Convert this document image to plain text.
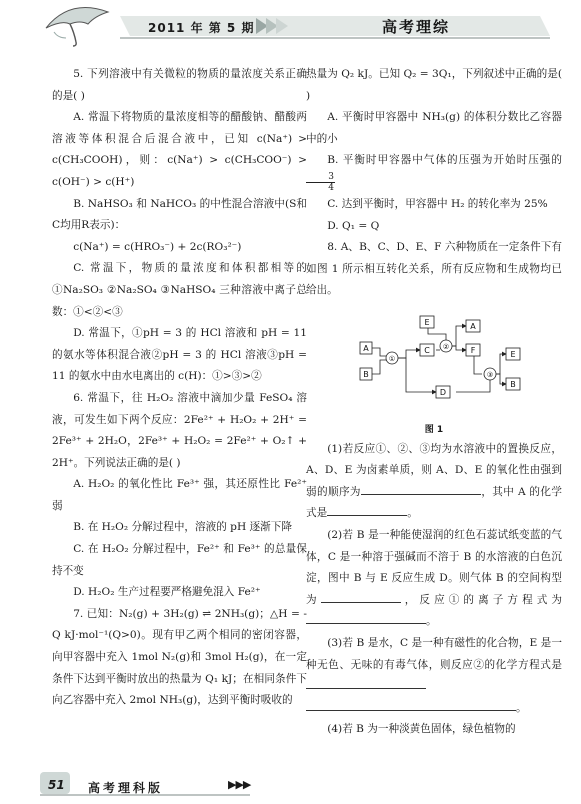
2011 年 第 5 期	高考理综

5. 下列溶液中有关微粒的物质的量浓度关系正确的是( )

A. 常温下将物质的量浓度相等的醋酸钠、醋酸两溶液等体积混合后混合液中，已知 c(Na⁺) > c(CH₃COOH)，则：c(Na⁺) > c(CH₃COO⁻) > c(OH⁻) > c(H⁺)

B. NaHSO₃ 和 NaHCO₃ 的中性混合溶液中(S和C均用R表示)：

c(Na⁺) = c(HRO₃⁻) + 2c(RO₃²⁻)

C. 常温下，物质的量浓度和体积都相等的①Na₂SO₃ ②Na₂SO₄ ③NaHSO₄ 三种溶液中离子总数：①<②<③

D. 常温下，①pH = 3 的 HCl 溶液和 pH = 11 的氨水等体积混合液②pH = 3 的 HCl 溶液③pH = 11 的氨水中由水电离出的 c(H)：①>③>②

6. 常温下，往 H₂O₂ 溶液中滴加少量 FeSO₄ 溶液，可发生如下两个反应：2Fe²⁺ + H₂O₂ + 2H⁺ = 2Fe³⁺ + 2H₂O，2Fe³⁺ + H₂O₂ = 2Fe²⁺ + O₂↑ + 2H⁺。下列说法正确的是( )

A. H₂O₂ 的氧化性比 Fe³⁺ 强，其还原性比 Fe²⁺ 弱

B. 在 H₂O₂ 分解过程中，溶液的 pH 逐渐下降

C. 在 H₂O₂ 分解过程中，Fe²⁺ 和 Fe³⁺ 的总量保持不变

D. H₂O₂ 生产过程要严格避免混入 Fe²⁺

7. 已知：N₂(g) + 3H₂(g) ⇌ 2NH₃(g)；△H = -Q kJ·mol⁻¹(Q>0)。现有甲乙两个相同的密闭容器，向甲容器中充入 1mol N₂(g)和 3mol H₂(g)，在一定条件下达到平衡时放出的热量为 Q₁ kJ；在相同条件下向乙容器中充入 2mol NH₃(g)，达到平衡时吸收的

热量为 Q₂ kJ。已知 Q₂ = 3Q₁，下列叙述中正确的是( )

A. 平衡时甲容器中 NH₃(g) 的体积分数比乙容器中的小

B. 平衡时甲容器中气体的压强为开始时压强的
$\frac{3}{4}$

C. 达到平衡时，甲容器中 H₂ 的转化率为 25%

D. Q₁ = Q

8. A、B、C、D、E、F 六种物质在一定条件下有如图 1 所示相互转化关系，所有反应物和生成物均已给出。

A
B
C
D
E
F
A
E
B
①
②
③
图 1

(1)若反应①、②、③均为水溶液中的置换反应，A、D、E 为卤素单质，则 A、D、E 的氧化性由强到弱的顺序为	，其中 A 的化学式是	。

(2)若 B 是一种能使湿润的红色石蕊试纸变蓝的气体，C 是一种溶于强碱而不溶于 B 的水溶液的白色沉淀，图中 B 与 E 反应生成 D。则气体 B 的空间构型为	，反应①的离子方程式为。

(3)若 B 是水，C 是一种有磁性的化合物，E 是一种无色、无味的有毒气体，则反应②的化学方程式是
。

(4)若 B 为一种淡黄色固体，绿色植物的

51 高考理科版	▶▶▶
